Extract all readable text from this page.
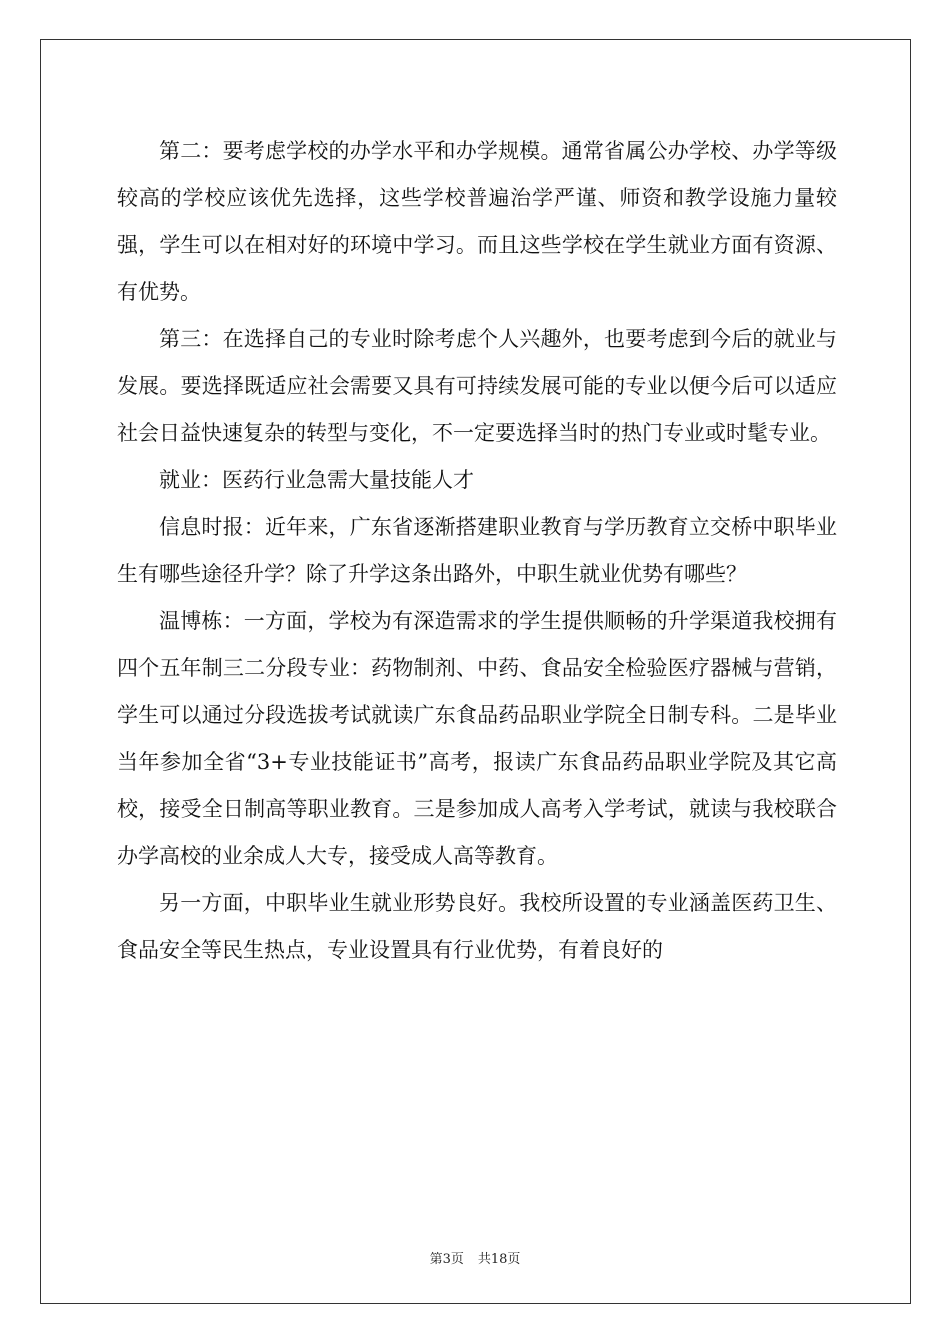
第二：要考虑学校的办学水平和办学规模。通常省属公办学校、办学等级较高的学校应该优先选择，这些学校普遍治学严谨、师资和教学设施力量较强，学生可以在相对好的环境中学习。而且这些学校在学生就业方面有资源、有优势。

第三：在选择自己的专业时除考虑个人兴趣外，也要考虑到今后的就业与发展。要选择既适应社会需要又具有可持续发展可能的专业以便今后可以适应社会日益快速复杂的转型与变化，不一定要选择当时的热门专业或时髦专业。

就业：医药行业急需大量技能人才

信息时报：近年来，广东省逐渐搭建职业教育与学历教育立交桥中职毕业生有哪些途径升学？除了升学这条出路外，中职生就业优势有哪些？

温博栋：一方面，学校为有深造需求的学生提供顺畅的升学渠道我校拥有四个五年制三二分段专业：药物制剂、中药、食品安全检验医疗器械与营销，学生可以通过分段选拔考试就读广东食品药品职业学院全日制专科。二是毕业当年参加全省“3+专业技能证书”高考，报读广东食品药品职业学院及其它高校，接受全日制高等职业教育。三是参加成人高考入学考试，就读与我校联合办学高校的业余成人大专，接受成人高等教育。

另一方面，中职毕业生就业形势良好。我校所设置的专业涵盖医药卫生、食品安全等民生热点，专业设置具有行业优势，有着良好的

第3页 共18页
